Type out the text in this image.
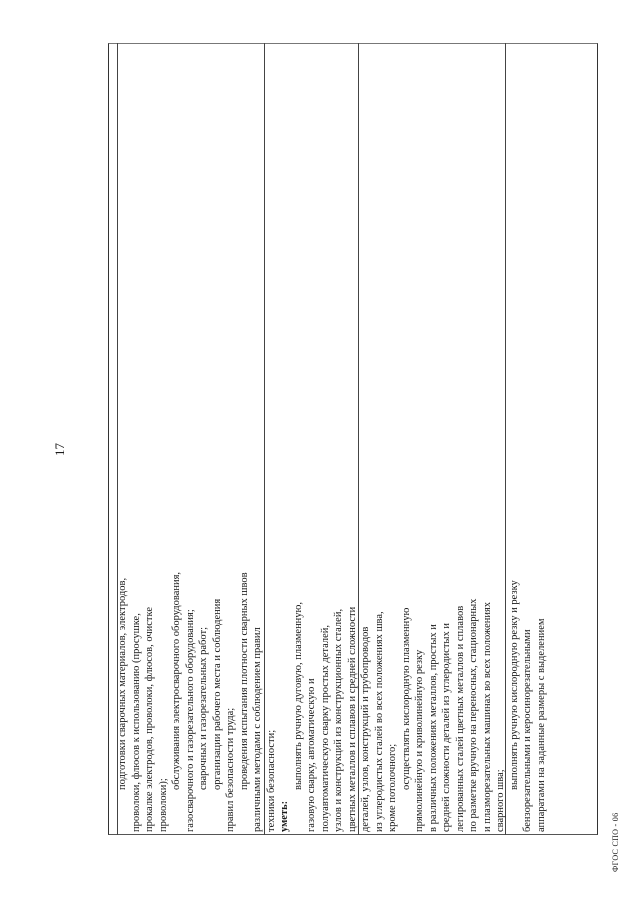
17
подготовки сварочных материалов, электродов, проволоки, флюсов к использованию (просушке, прокалке электродов, проволоки, флюсов, очистке проволоки);
обслуживания электросварочного оборудования, газосварочного и газорезательного оборудования; сварочных и газорезательных работ; организации рабочего места и соблюдения правил безопасности труда; проведения испытания плотности сварных швов различными методами с соблюдением правил техники безопасности; уметь:
выполнять ручную дуговую, плазменную, газовую сварку, автоматическую и полуавтоматическую сварку простых деталей, узлов и конструкций из конструкционных сталей, цветных металлов и сплавов и средней сложности деталей, узлов, конструкций и трубопроводов из углеродистых сталей во всех положениях шва, кроме потолочного; осуществлять кислородную плазменную прямолинейную и криволинейную резку в различных положениях металлов, простых и средней сложности деталей из углеродистых и легированных сталей цветных металлов и сплавов по разметке вручную на переносных, стационарных и плазморезательных машинах во всех положениях сварного шва;
выполнять ручную кислородную резку и резку бензорезательными и керосинорезательными аппаратами на заданные размеры с выделением
ФГОС СПО - 06
